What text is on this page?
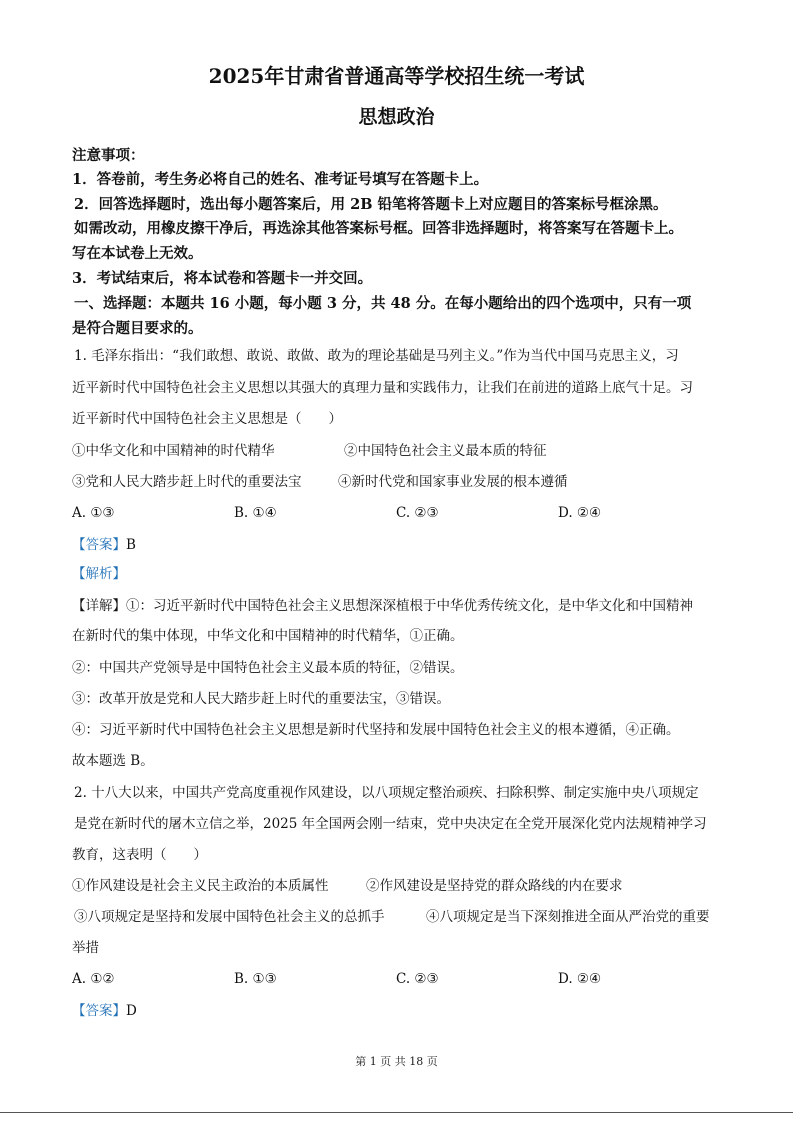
2025年甘肃省普通高等学校招生统一考试
思想政治
注意事项：
1．答卷前，考生务必将自己的姓名、准考证号填写在答题卡上。
2．回答选择题时，选出每小题答案后，用 2B 铅笔将答题卡上对应题目的答案标号框涂黑。
如需改动，用橡皮擦干净后，再选涂其他答案标号框。回答非选择题时，将答案写在答题卡上。
写在本试卷上无效。
3．考试结束后，将本试卷和答题卡一并交回。
一、选择题：本题共 16 小题，每小题 3 分，共 48 分。在每小题给出的四个选项中，只有一项
是符合题目要求的。
1. 毛泽东指出：“我们敢想、敢说、敢做、敢为的理论基础是马列主义。”作为当代中国马克思主义，习
近平新时代中国特色社会主义思想以其强大的真理力量和实践伟力，让我们在前进的道路上底气十足。习
近平新时代中国特色社会主义思想是（　　）
①中华文化和中国精神的时代精华	②中国特色社会主义最本质的特征
③党和人民大踏步赶上时代的重要法宝	④新时代党和国家事业发展的根本遵循
A. ①③	B. ①④	C. ②③	D. ②④
【答案】B
【解析】
【详解】①：习近平新时代中国特色社会主义思想深深植根于中华优秀传统文化，是中华文化和中国精神
在新时代的集中体现，中华文化和中国精神的时代精华，①正确。
②：中国共产党领导是中国特色社会主义最本质的特征，②错误。
③：改革开放是党和人民大踏步赶上时代的重要法宝，③错误。
④：习近平新时代中国特色社会主义思想是新时代坚持和发展中国特色社会主义的根本遵循，④正确。
故本题选 B。
2. 十八大以来，中国共产党高度重视作风建设，以八项规定整治顽疾、扫除积弊、制定实施中央八项规定
是党在新时代的屠木立信之举，2025 年全国两会刚一结束，党中央决定在全党开展深化党内法规精神学习
教育，这表明（　　）
①作风建设是社会主义民主政治的本质属性	②作风建设是坚持党的群众路线的内在要求
③八项规定是坚持和发展中国特色社会主义的总抓手	④八项规定是当下深刻推进全面从严治党的重要
举措
A. ①②	B. ①③	C. ②③	D. ②④
【答案】D
第 1 页 共 18 页
